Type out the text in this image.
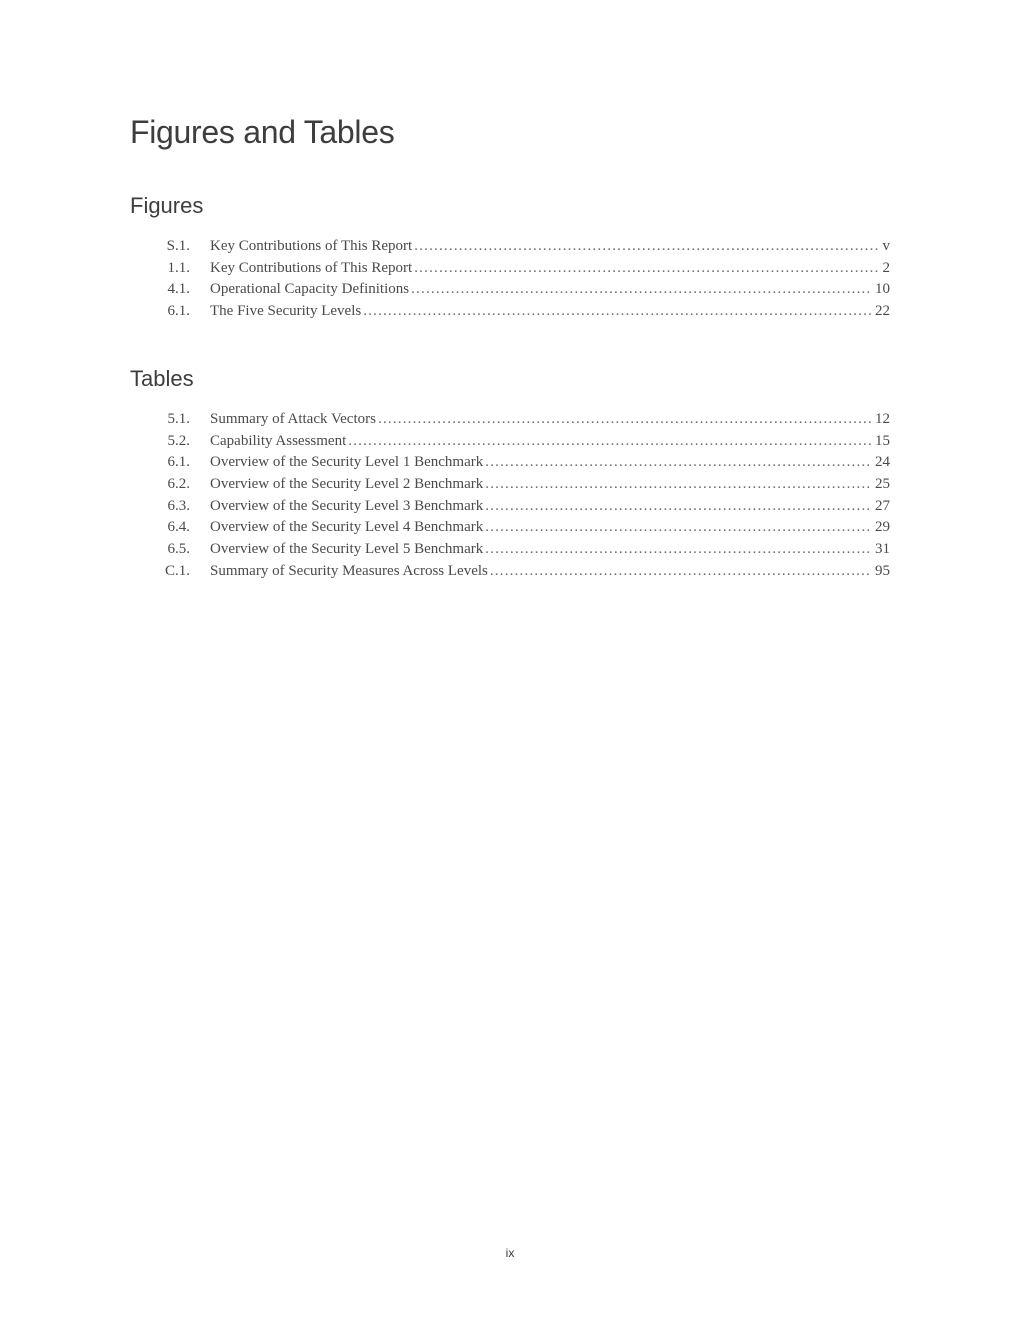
Figures and Tables
Figures
S.1. Key Contributions of This Report .....	v
1.1. Key Contributions of This Report .....	2
4.1. Operational Capacity Definitions .....	10
6.1. The Five Security Levels .....	22
Tables
5.1. Summary of Attack Vectors .....	12
5.2. Capability Assessment .....	15
6.1. Overview of the Security Level 1 Benchmark .....	24
6.2. Overview of the Security Level 2 Benchmark .....	25
6.3. Overview of the Security Level 3 Benchmark .....	27
6.4. Overview of the Security Level 4 Benchmark .....	29
6.5. Overview of the Security Level 5 Benchmark .....	31
C.1. Summary of Security Measures Across Levels .....	95
ix
